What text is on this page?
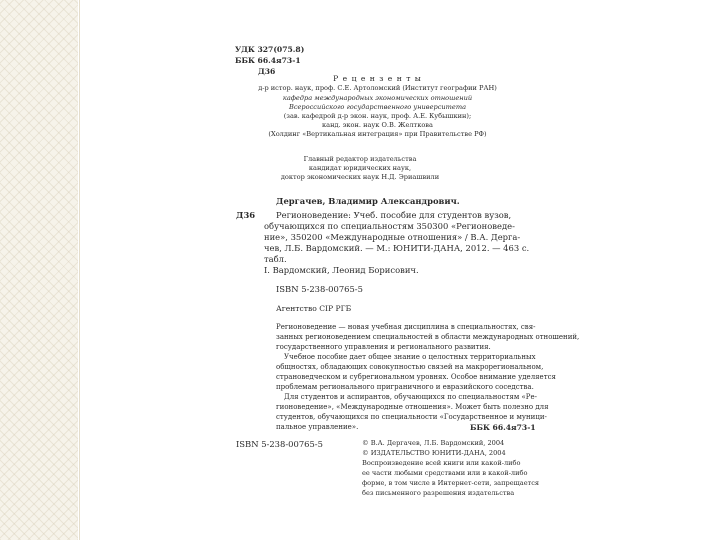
УДК 327(075.8)
ББК 66.4я73-1
Д36
Р е ц е н з е н т ы
д-р истор. наук, проф. С.Е. Артоломский (Институт географии РАН)
кафедра международных экономических отношений
Всероссийского государственного университета
(зав. кафедрой д-р экон. наук, проф. А.Е. Кубышкин);
канд. экон. наук О.В. Желткова
(Холдинг «Вертикальная интеграция» при Правительстве РФ)
Главный редактор издательства
кандидат юридических наук,
доктор экономических наук Н.Д. Эриашвили
Дергачев, Владимир Александрович.
Д36 Регионоведение: Учеб. пособие для студентов вузов,
обучающихся по специальностям 350300 «Регионоведе-
ние», 350200 «Международные отношения» / В.А. Дерга-
чев, Л.Б. Вардомский. — М.: ЮНИТИ-ДАНА, 2012. — 463 с.
табл.
I. Вардомский, Леонид Борисович.
ISBN 5-238-00765-5
Агентство CIP РГБ
Регионоведение — новая учебная дисциплина в специальностях, свя-
занных регионоведением специальностей в области международных отношений,
государственного управления и регионального развития.
Учебное пособие дает общее знание о целостных территориальных
общностях, обладающих совокупностью связей на макрорегиональном,
страноведческом и субрегиональном уровнях. Особое внимание уделяется
проблемам регионального приграничного и евразийского соседства.
Для студентов и аспирантов, обучающихся по специальностям «Ре-
гионоведение», «Международные отношения». Может быть полезно для
студентов, обучающихся по специальности «Государственное и муници-
пальное управление».	ББК 66.4я73-1
ISBN 5-238-00765-5	© В.А. Дергачев, Л.Б. Вардомский, 2004
© ИЗДАТЕЛЬСТВО ЮНИТИ-ДАНА, 2004
Воспроизведение всей книги или какой-либо
ее части любыми средствами или в какой-либо
форме, в том числе в Интернет-сети, запрещается
без письменного разрешения издательства
